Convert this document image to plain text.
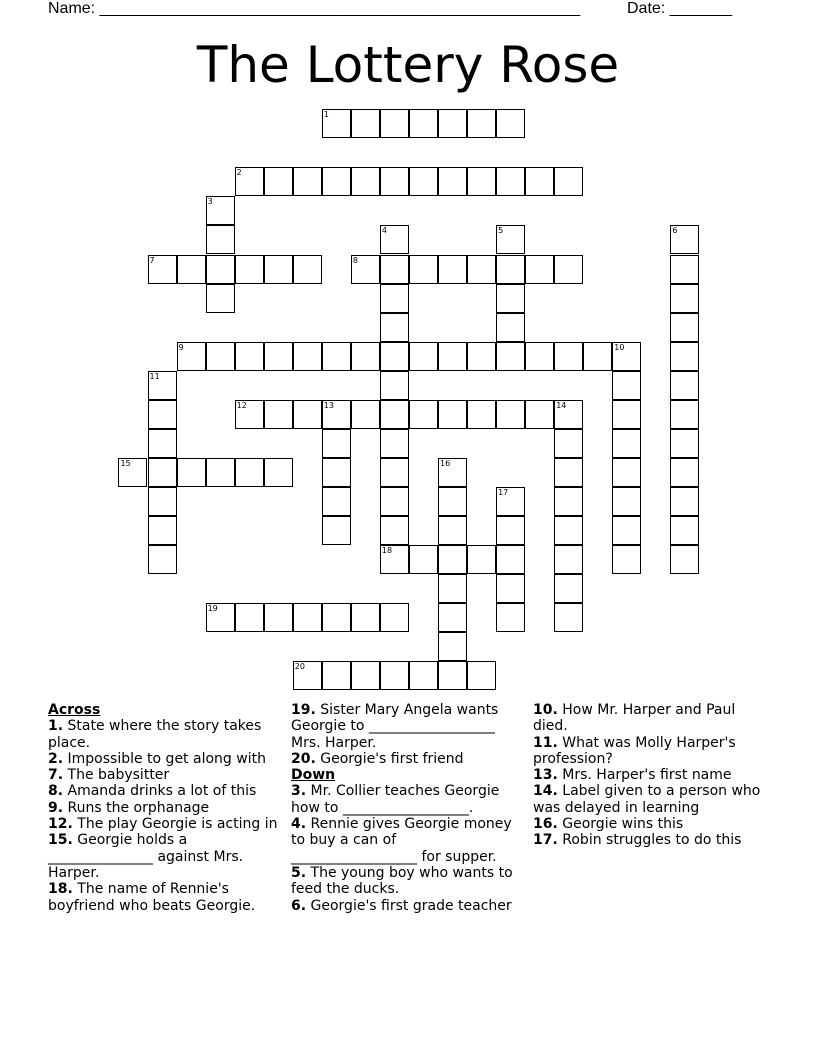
Name: ______________________________________________________	Date: _______
The Lottery Rose
1
2
3
4
18
5	6
7	8
9	10
11
12	13	14
15	16
17
19
20
Across
1. State where the story takes place.
2. Impossible to get along with
7. The babysitter
8. Amanda drinks a lot of this
9. Runs the orphanage
12. The play Georgie is acting in
15. Georgie holds a _______________ against Mrs. Harper.
18. The name of Rennie's boyfriend who beats Georgie.
19. Sister Mary Angela wants Georgie to __________________ Mrs. Harper.
20. Georgie's first friend
Down
3. Mr. Collier teaches Georgie how to __________________.
4. Rennie gives Georgie money to buy a can of __________________ for supper.
5. The young boy who wants to feed the ducks.
6. Georgie's first grade teacher
10. How Mr. Harper and Paul died.
11. What was Molly Harper's profession?
13. Mrs. Harper's first name
14. Label given to a person who was delayed in learning
16. Georgie wins this
17. Robin struggles to do this
